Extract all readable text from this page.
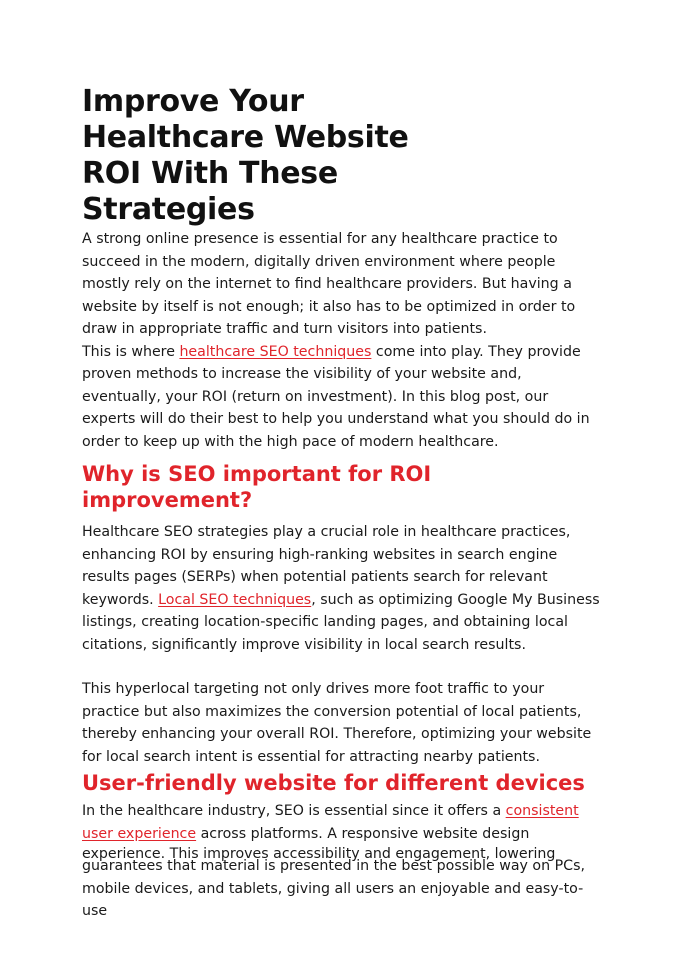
Improve Your Healthcare Website ROI With These Strategies

A strong online presence is essential for any healthcare practice to succeed in the modern, digitally driven environment where people mostly rely on the internet to find healthcare providers. But having a website by itself is not enough; it also has to be optimized in order to draw in appropriate traffic and turn visitors into patients.

This is where healthcare SEO techniques come into play. They provide proven methods to increase the visibility of your website and, eventually, your ROI (return on investment). In this blog post, our experts will do their best to help you understand what you should do in order to keep up with the high pace of modern healthcare.

Why is SEO important for ROI improvement?

Healthcare SEO strategies play a crucial role in healthcare practices, enhancing ROI by ensuring high-ranking websites in search engine results pages (SERPs) when potential patients search for relevant keywords. Local SEO techniques, such as optimizing Google My Business listings, creating location-specific landing pages, and obtaining local citations, significantly improve visibility in local search results.

This hyperlocal targeting not only drives more foot traffic to your practice but also maximizes the conversion potential of local patients, thereby enhancing your overall ROI. Therefore, optimizing your website for local search intent is essential for attracting nearby patients.

User-friendly website for different devices

In the healthcare industry, SEO is essential since it offers a consistent user experience across platforms. A responsive website design

experience. This improves accessibility and engagement, lowering

guarantees that material is presented in the best possible way on PCs, mobile devices, and tablets, giving all users an enjoyable and easy-to-use
